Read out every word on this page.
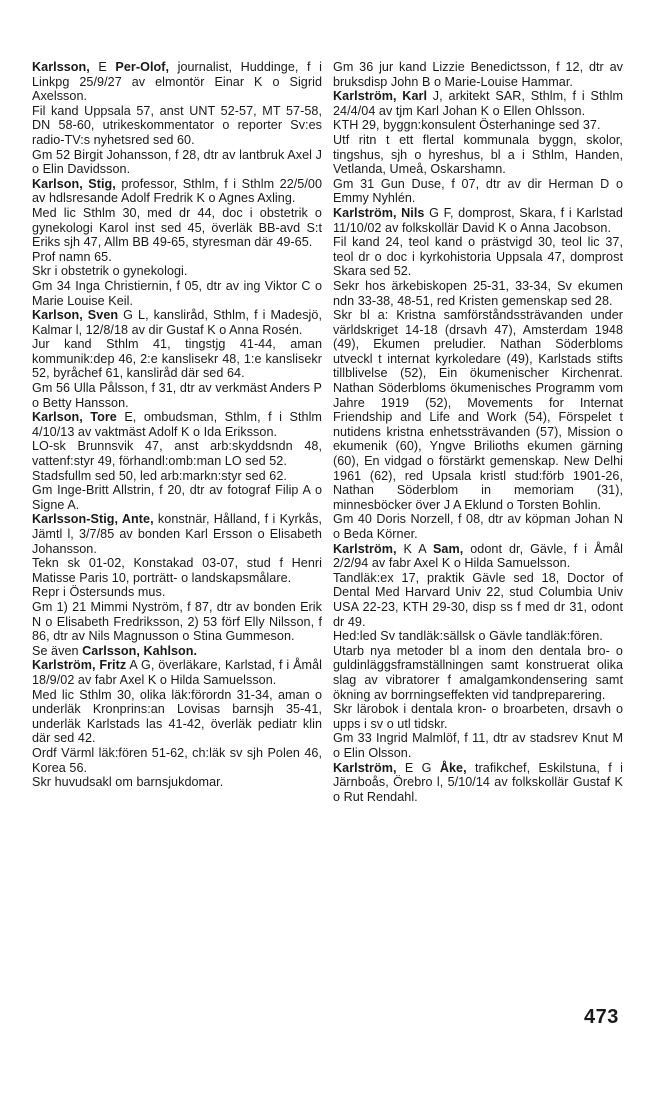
Karlsson, E Per-Olof, journalist, Huddinge, f i Linkpg 25/9/27 av elmontör Einar K o Sigrid Axelsson.

Fil kand Uppsala 57, anst UNT 52-57, MT 57-58, DN 58-60, utrikeskommentator o reporter Sv:es radio-TV:s nyhetsred sed 60.

Gm 52 Birgit Johansson, f 28, dtr av lantbruk Axel J o Elin Davidsson.

Karlson, Stig, professor, Sthlm, f i Sthlm 22/5/00 av hdlsresande Adolf Fredrik K o Agnes Axling.

Med lic Sthlm 30, med dr 44, doc i obstetrik o gynekologi Karol inst sed 45, överläk BB-avd S:t Eriks sjh 47, Allm BB 49-65, styresman där 49-65.

Prof namn 65.

Skr i obstetrik o gynekologi.

Gm 34 Inga Christiernin, f 05, dtr av ing Viktor C o Marie Louise Keil.

Karlson, Sven G L, kansliråd, Sthlm, f i Madesjö, Kalmar l, 12/8/18 av dir Gustaf K o Anna Rosén.

Jur kand Sthlm 41, tingstjg 41-44, aman kommunik:dep 46, 2:e kanslisekr 48, 1:e kanslisekr 52, byråchef 61, kanslіråd där sed 64.

Gm 56 Ulla Pålsson, f 31, dtr av verkmäst Anders P o Betty Hansson.

Karlson, Tore E, ombudsman, Sthlm, f i Sthlm 4/10/13 av vaktmäst Adolf K o Ida Eriksson.

LO-sk Brunnsvik 47, anst arb:skyddsndn 48, vattenf:styr 49, förhandl:omb:man LO sed 52.

Stadsfullm sed 50, led arb:markn:styr sed 62.

Gm Inge-Britt Allstrin, f 20, dtr av fotograf Filip A o Signe A.

Karlsson-Stig, Ante, konstnär, Hålland, f i Kyrkås, Jämtl l, 3/7/85 av bonden Karl Ersson o Elisabeth Johansson.

Tekn sk 01-02, Konstakad 03-07, stud f Henri Matisse Paris 10, porträtt- o landskapsmålare.

Repr i Östersunds mus.

Gm 1) 21 Mimmi Nyström, f 87, dtr av bonden Erik N o Elisabeth Fredriksson, 2) 53 förf Elly Nilsson, f 86, dtr av Nils Magnusson o Stina Gummeson.

Se även Carlsson, Kahlson.

Karlström, Fritz A G, överläkare, Karlstad, f i Åmål 18/9/02 av fabr Axel K o Hilda Samuelsson.

Med lic Sthlm 30, olika läk:förordn 31-34, aman o underläk Kronprins:an Lovisas barnsjh 35-41, underläk Karlstads las 41-42, överläk pediatr klin där sed 42.

Ordf Värml läk:fören 51-62, ch:läk sv sjh Polen 46, Korea 56.

Skr huvudsakl om barnsjukdomar.

Gm 36 jur kand Lizzie Benedictsson, f 12, dtr av bruksdisp John B o Marie-Louise Hammar.

Karlström, Karl J, arkitekt SAR, Sthlm, f i Sthlm 24/4/04 av tjm Karl Johan K o Ellen Ohlsson.

KTH 29, byggn:konsulent Österhaninge sed 37.

Utf ritn t ett flertal kommunala byggn, skolor, tingshus, sjh o hyreshus, bl a i Sthlm, Handen, Vetlanda, Umeå, Oskarshamn.

Gm 31 Gun Duse, f 07, dtr av dir Herman D o Emmy Nyhlén.

Karlström, Nils G F, domprost, Skara, f i Karlstad 11/10/02 av folkskollär David K o Anna Jacobson.

Fil kand 24, teol kand o prästvigd 30, teol lic 37, teol dr o doc i kyrkohistoria Uppsala 47, domprost Skara sed 52.

Sekr hos ärkebiskopen 25-31, 33-34, Sv ekumen ndn 33-38, 48-51, red Kristen gemenskap sed 28.

Skr bl a: Kristna samförståndssträvanden under världskriget 14-18 (drsavh 47), Amsterdam 1948 (49), Ekumen preludier. Nathan Söderbloms utveckl t internat kyrkoledare (49), Karlstads stifts tillblivelse (52), Ein ökumenischer Kirchenrat. Nathan Söderbloms ökumenisches Programm vom Jahre 1919 (52), Movements for Internat Friendship and Life and Work (54), Förspelet t nutidens kristna enhetssträvanden (57), Mission o ekumenik (60), Yngve Brilioths ekumen gärning (60), En vidgad o förstärkt gemenskap. New Delhi 1961 (62), red Upsala kristl stud:förb 1901-26, Nathan Söderblom in memoriam (31), minnesböcker över J A Eklund o Torsten Bohlin.

Gm 40 Doris Norzell, f 08, dtr av köpman Johan N o Beda Körner.

Karlström, K A Sam, odont dr, Gävle, f i Åmål 2/2/94 av fabr Axel K o Hilda Samuelsson.

Tandläk:ex 17, praktik Gävle sed 18, Doctor of Dental Med Harvard Univ 22, stud Columbia Univ USA 22-23, KTH 29-30, disp ss f med dr 31, odont dr 49.

Hed:led Sv tandläk:sällsk o Gävle tandläk:fören.

Utarb nya metoder bl a inom den dentala bro- o guldinläggsframställningen samt konstruerat olika slag av vibratorer f amalgamkondensering samt ökning av borrningseffekten vid tandpreparering.

Skr lärobok i dentala kron- o broarbeten, drsavh o upps i sv o utl tidskr.

Gm 33 Ingrid Malmlöf, f 11, dtr av stadsrev Knut M o Elin Olsson.

Karlström, E G Åke, trafikchef, Eskilstuna, f i Järnboås, Örebro l, 5/10/14 av folkskollär Gustaf K o Rut Rendahl.

473
